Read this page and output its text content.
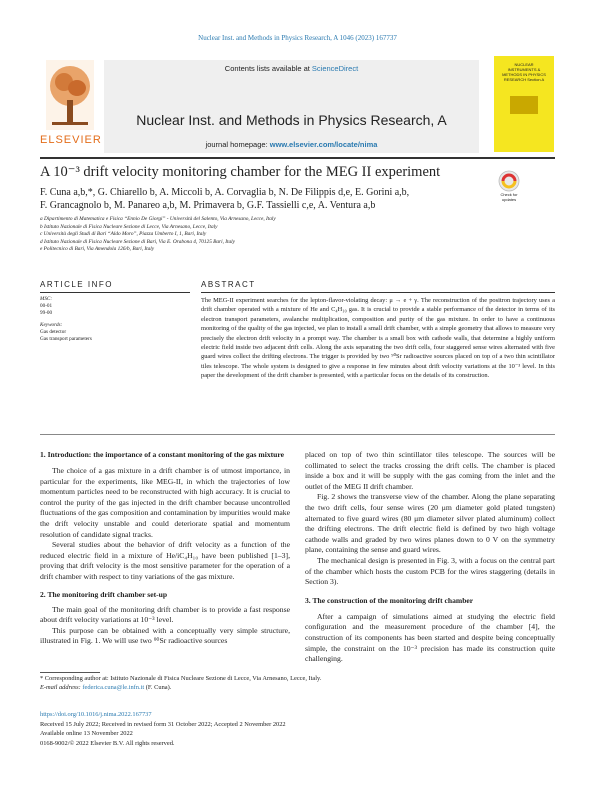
Nuclear Inst. and Methods in Physics Research, A 1046 (2023) 167737
ELSEVIER
Contents lists available at ScienceDirect
Nuclear Inst. and Methods in Physics Research, A
journal homepage: www.elsevier.com/locate/nima
NUCLEAR INSTRUMENTS & METHODS IN PHYSICS RESEARCH Section A
A 10⁻³ drift velocity monitoring chamber for the MEG II experiment
Check for updates
F. Cuna a,b,*, G. Chiarello b, A. Miccoli b, A. Corvaglia b, N. De Filippis d,e, E. Gorini a,b,
F. Grancagnolo b, M. Panareo a,b, M. Primavera b, G.F. Tassielli c,e, A. Ventura a,b
a Dipartimento di Matematica e Fisica “Ennio De Giorgi” - Università del Salento, Via Arnesano, Lecce, Italy
b Istituto Nazionale di Fisica Nucleare Sezione di Lecce, Via Arnesano, Lecce, Italy
c Università degli Studi di Bari “Aldo Moro”, Piazza Umberto I, 1, Bari, Italy
d Istituto Nazionale di Fisica Nucleare Sezione di Bari, Via E. Orabona 4, 70125 Bari, Italy
e Politecnico di Bari, Via Amendola 126/b, Bari, Italy
ARTICLE INFO	ABSTRACT
MSC:
00-01
99-00
Keywords:
Gas detector
Gas transport parameters
The MEG-II experiment searches for the lepton-flavor-violating decay: μ → e + γ. The reconstruction of the positron trajectory uses a drift chamber operated with a mixture of He and C₄H₁₀ gas. It is crucial to provide a stable performance of the detector in terms of its electron transport parameters, avalanche multiplication, composition and purity of the gas mixture. In order to have a continuous monitoring of the quality of the gas injected, we plan to install a small drift chamber, with a simple geometry that allows to measure very precisely the electron drift velocity in a prompt way. The chamber is a small box with cathode walls, that determine a highly uniform electric field inside two adjacent drift cells. Along the axis separating the two drift cells, four staggered sense wires alternated with five guard wires collect the drifting electrons. The trigger is provided by two ⁹⁰Sr radioactive sources placed on top of a two thin scintillator tiles telescope. The whole system is designed to give a response in few minutes about drift velocity variations at the 10⁻³ level. In this paper the development of the drift chamber is presented, with a particular focus on the details of its construction.
1. Introduction: the importance of a constant monitoring of the gas mixture

The choice of a gas mixture in a drift chamber is of utmost importance, in particular for the experiments, like MEG-II, in which the trajectories of low momentum particles need to be reconstructed with high accuracy. It is crucial to control the purity of the gas injected in the drift chamber because uncontrolled fluctuations of the gas composition and contamination by impurities would make the drift velocity unstable and could deteriorate spatial and momentum resolution of candidate signal tracks.

Several studies about the behavior of drift velocity as a function of the reduced electric field in a mixture of He/iC₄H₁₀ have been published [1–3], proving that drift velocity is the most sensitive parameter for the operation of a drift chamber with respect to tiny variations of the gas mixture.

2. The monitoring drift chamber set-up

The main goal of the monitoring drift chamber is to provide a fast response about drift velocity variations at 10⁻³ level.

This purpose can be obtained with a conceptually very simple structure, illustrated in Fig. 1. We will use two ⁹⁰Sr radioactive sources

placed on top of two thin scintillator tiles telescope. The sources will be collimated to select the tracks crossing the drift cells. The chamber is placed inside a box and it will be supply with the gas coming from the inlet and the outlet of the MEG II drift chamber.

Fig. 2 shows the transverse view of the chamber. Along the plane separating the two drift cells, four sense wires (20 μm diameter gold plated tungsten) alternated to five guard wires (80 μm diameter silver plated aluminum) collect the drifting electrons. The drift electric field is defined by two high voltage cathode walls and graded by two wires planes down to 0 V on the symmetry plane, containing the sense and guard wires.

The mechanical design is presented in Fig. 3, with a focus on the central part of the chamber which hosts the custom PCB for the wires staggering (details in Section 3).

3. The construction of the monitoring drift chamber

After a campaign of simulations aimed at studying the electric field configuration and the measurement procedure of the chamber [4], the construction of its components has been started and despite being conceptually simple, the constraint on the 10⁻³ precision has made its construction quite challenging.

* Corresponding author at: Istituto Nazionale di Fisica Nucleare Sezione di Lecce, Via Arnesano, Lecce, Italy.
E-mail address: federica.cuna@le.infn.it (F. Cuna).
https://doi.org/10.1016/j.nima.2022.167737
Received 15 July 2022; Received in revised form 31 October 2022; Accepted 2 November 2022
Available online 13 November 2022
0168-9002/© 2022 Elsevier B.V. All rights reserved.
